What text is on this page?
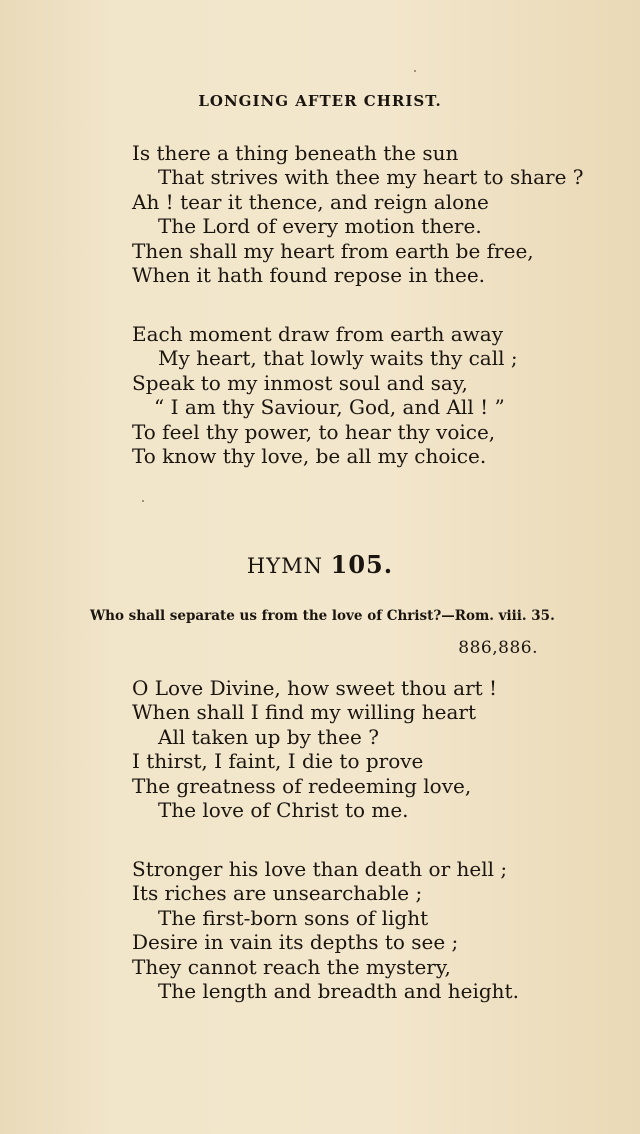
LONGING AFTER CHRIST.
Is there a thing beneath the sun
That strives with thee my heart to share ?
Ah ! tear it thence, and reign alone
The Lord of every motion there.
Then shall my heart from earth be free,
When it hath found repose in thee.
Each moment draw from earth away
My heart, that lowly waits thy call ;
Speak to my inmost soul and say,
“ I am thy Saviour, God, and All ! ”
To feel thy power, to hear thy voice,
To know thy love, be all my choice.
HYMN 105.
Who shall separate us from the love of Christ?—Rom. viii. 35.
886,886.
O Love Divine, how sweet thou art !
When shall I find my willing heart
All taken up by thee ?
I thirst, I faint, I die to prove
The greatness of redeeming love,
The love of Christ to me.
Stronger his love than death or hell ;
Its riches are unsearchable ;
The first-born sons of light
Desire in vain its depths to see ;
They cannot reach the mystery,
The length and breadth and height.
